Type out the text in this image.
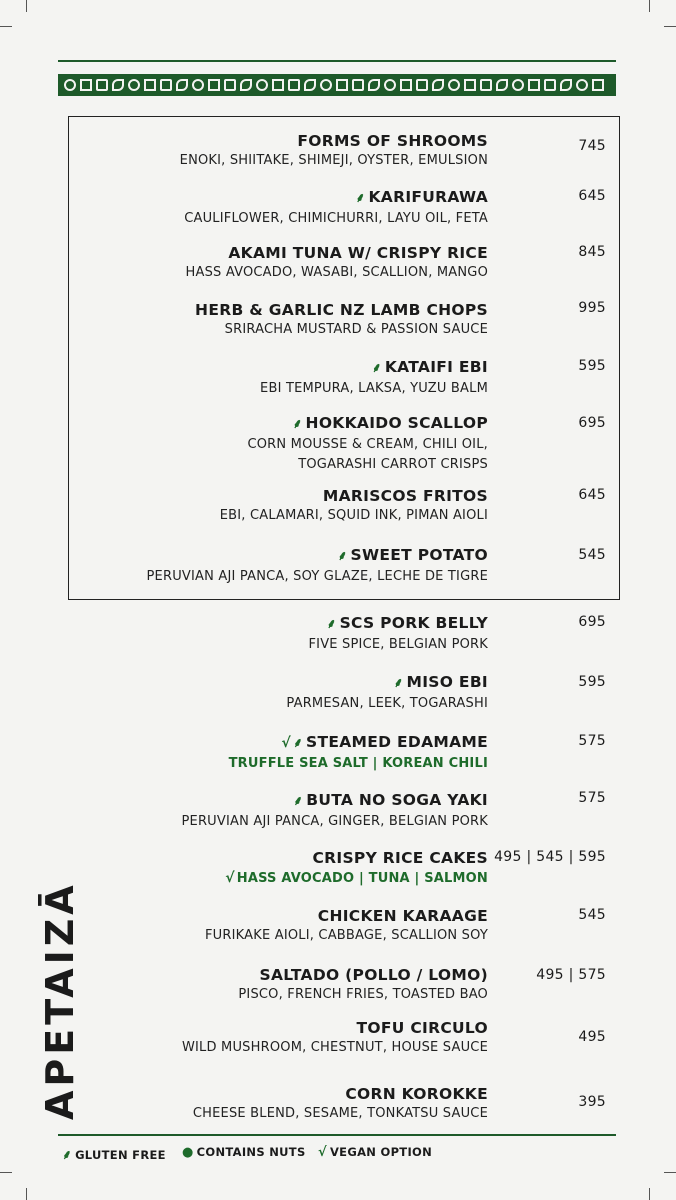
FORMS OF SHROOMS
ENOKI, SHIITAKE, SHIMEJI, OYSTER, EMULSION
745
⸙ KARIFURAWA
CAULIFLOWER, CHIMICHURRI, LAYU OIL, FETA
645
AKAMI TUNA W/ CRISPY RICE
HASS AVOCADO, WASABI, SCALLION, MANGO
845
HERB & GARLIC NZ LAMB CHOPS
SRIRACHA MUSTARD & PASSION SAUCE
995
⸙ KATAIFI EBI
EBI TEMPURA, LAKSA, YUZU BALM
595
⸙ HOKKAIDO SCALLOP
CORN MOUSSE & CREAM, CHILI OIL,
TOGARASHI CARROT CRISPS
695
MARISCOS FRITOS
EBI, CALAMARI, SQUID INK, PIMAN AIOLI
645
⸙ SWEET POTATO
PERUVIAN AJI PANCA, SOY GLAZE, LECHE DE TIGRE
545
⸙ SCS PORK BELLY
FIVE SPICE, BELGIAN PORK
695
⸙ MISO EBI
PARMESAN, LEEK, TOGARASHI
595
√ ⸙ STEAMED EDAMAME
TRUFFLE SEA SALT | KOREAN CHILI
575
⸙ BUTA NO SOGA YAKI
PERUVIAN AJI PANCA, GINGER, BELGIAN PORK
575
CRISPY RICE CAKES
√ HASS AVOCADO | TUNA | SALMON
495 | 545 | 595
CHICKEN KARAAGE
FURIKAKE AIOLI, CABBAGE, SCALLION SOY
545
SALTADO (POLLO / LOMO)
PISCO, FRENCH FRIES, TOASTED BAO
495 | 575
TOFU CIRCULO
WILD MUSHROOM, CHESTNUT, HOUSE SAUCE
495
CORN KOROKKE
CHEESE BLEND, SESAME, TONKATSU SAUCE
395
APETAIZĀ
⸙ GLUTEN FREE ● CONTAINS NUTS √ VEGAN OPTION
